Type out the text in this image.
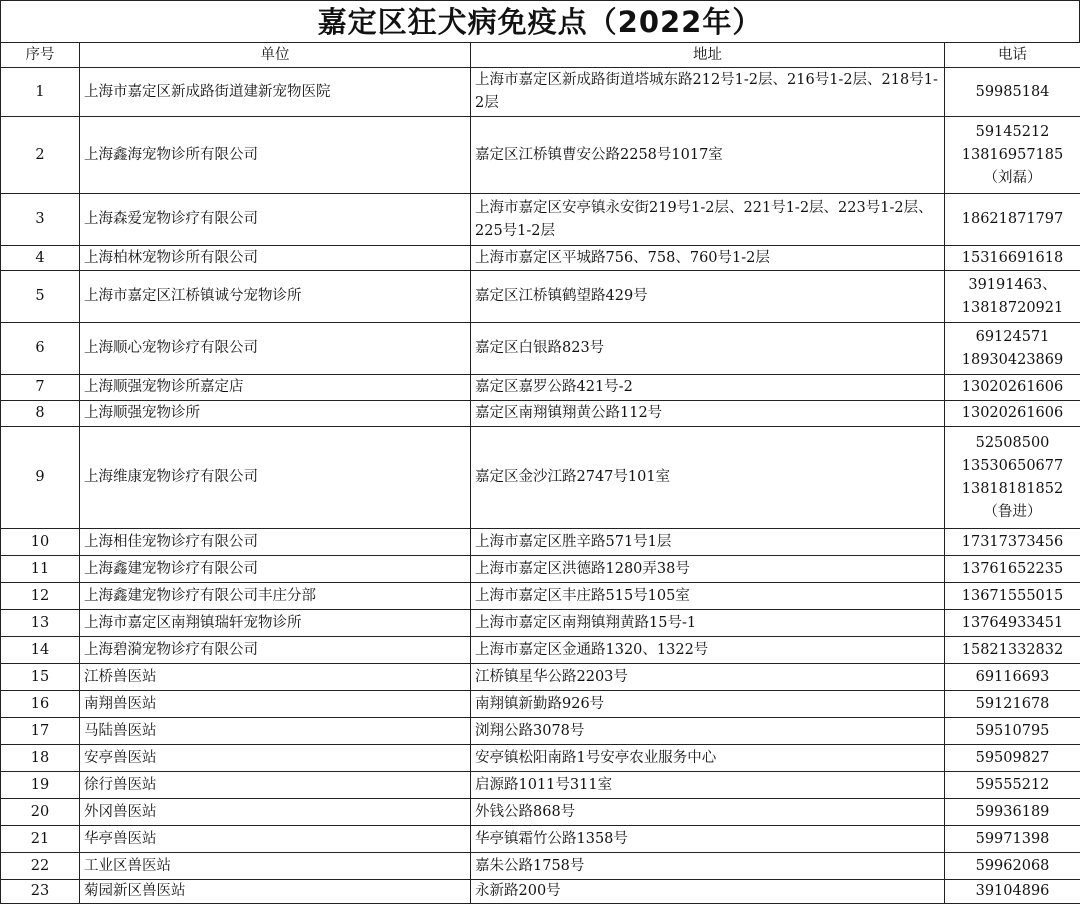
嘉定区狂犬病免疫点（2022年）
序号	单位	地址	电话
1	上海市嘉定区新成路街道建新宠物医院	上海市嘉定区新成路街道塔城东路212号1-2层、216号1-2层、218号1-2层	59985184

2	上海鑫海宠物诊所有限公司	嘉定区江桥镇曹安公路2258号1017室	59145212
13816957185
（刘磊）

3	上海森爱宠物诊疗有限公司	上海市嘉定区安亭镇永安街219号1-2层、221号1-2层、223号1-2层、225号1-2层	18621871797

4	上海柏林宠物诊所有限公司	上海市嘉定区平城路756、758、760号1-2层	15316691618

5	上海市嘉定区江桥镇诚兮宠物诊所	嘉定区江桥镇鹤望路429号	39191463、
13818720921

6	上海顺心宠物诊疗有限公司	嘉定区白银路823号	69124571
18930423869

7	上海顺强宠物诊所嘉定店	嘉定区嘉罗公路421号-2	13020261606

8	上海顺强宠物诊所	嘉定区南翔镇翔黄公路112号	13020261606

9	上海维康宠物诊疗有限公司	嘉定区金沙江路2747号101室	52508500
13530650677
13818181852
（鲁进）

10	上海相佳宠物诊疗有限公司	上海市嘉定区胜辛路571号1层	17317373456

11	上海鑫建宠物诊疗有限公司	上海市嘉定区洪德路1280弄38号	13761652235

12	上海鑫建宠物诊疗有限公司丰庄分部	上海市嘉定区丰庄路515号105室	13671555015

13	上海市嘉定区南翔镇瑞轩宠物诊所	上海市嘉定区南翔镇翔黄路15号-1	13764933451

14	上海碧漪宠物诊疗有限公司	上海市嘉定区金通路1320、1322号	15821332832

15	江桥兽医站	江桥镇星华公路2203号	69116693

16	南翔兽医站	南翔镇新勤路926号	59121678

17	马陆兽医站	浏翔公路3078号	59510795

18	安亭兽医站	安亭镇松阳南路1号安亭农业服务中心	59509827

19	徐行兽医站	启源路1011号311室	59555212

20	外冈兽医站	外钱公路868号	59936189

21	华亭兽医站	华亭镇霜竹公路1358号	59971398

22	工业区兽医站	嘉朱公路1758号	59962068

23	菊园新区兽医站	永新路200号	39104896
